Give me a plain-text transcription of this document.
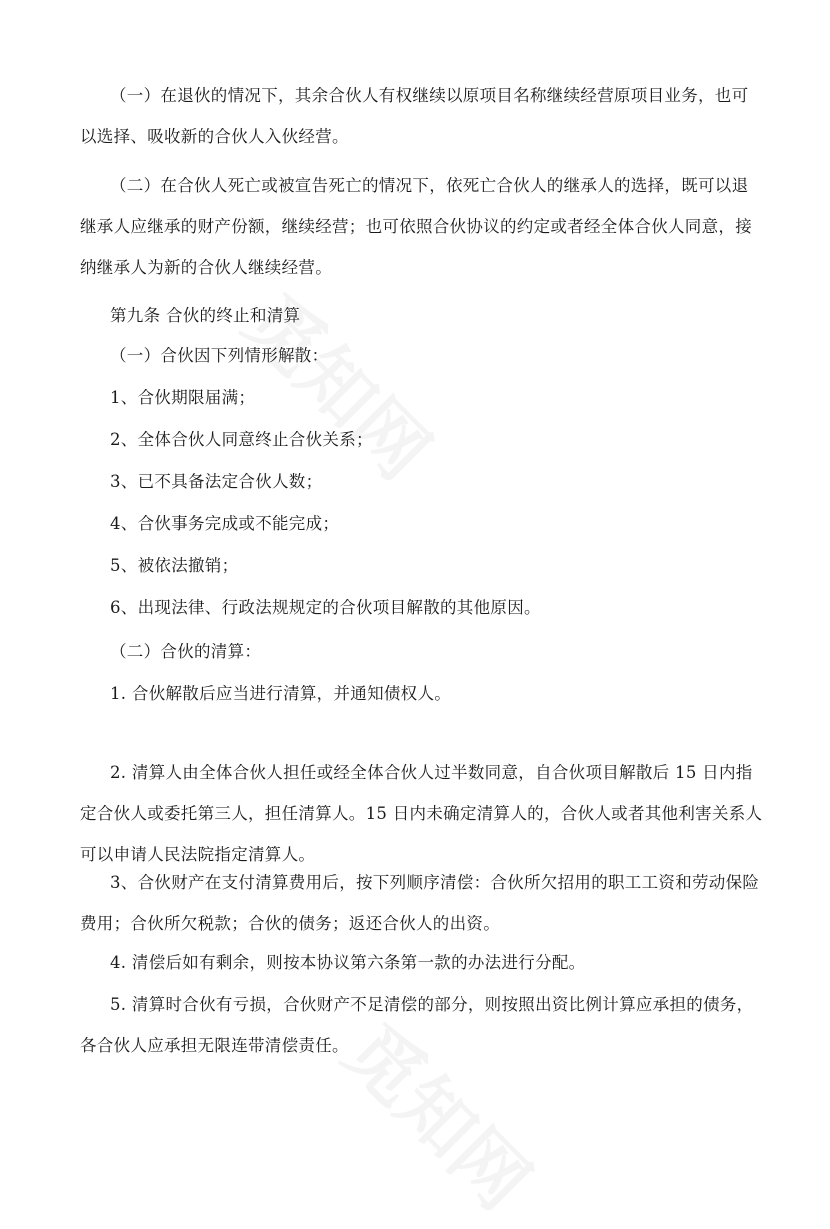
（一）在退伙的情况下，其余合伙人有权继续以原项目名称继续经营原项目业务，也可
以选择、吸收新的合伙人入伙经营。
（二）在合伙人死亡或被宣告死亡的情况下，依死亡合伙人的继承人的选择，既可以退
继承人应继承的财产份额，继续经营；也可依照合伙协议的约定或者经全体合伙人同意，接
纳继承人为新的合伙人继续经营。
第九条 合伙的终止和清算
（一）合伙因下列情形解散：
1、合伙期限届满；
2、全体合伙人同意终止合伙关系；
3、已不具备法定合伙人数；
4、合伙事务完成或不能完成；
5、被依法撤销；
6、出现法律、行政法规规定的合伙项目解散的其他原因。
（二）合伙的清算：
1. 合伙解散后应当进行清算，并通知债权人。
2. 清算人由全体合伙人担任或经全体合伙人过半数同意，自合伙项目解散后 15 日内指
定合伙人或委托第三人，担任清算人。15 日内未确定清算人的，合伙人或者其他利害关系人
可以申请人民法院指定清算人。
3、合伙财产在支付清算费用后，按下列顺序清偿：合伙所欠招用的职工工资和劳动保险
费用；合伙所欠税款；合伙的债务；返还合伙人的出资。
4. 清偿后如有剩余，则按本协议第六条第一款的办法进行分配。
5. 清算时合伙有亏损，合伙财产不足清偿的部分，则按照出资比例计算应承担的债务，
各合伙人应承担无限连带清偿责任。
